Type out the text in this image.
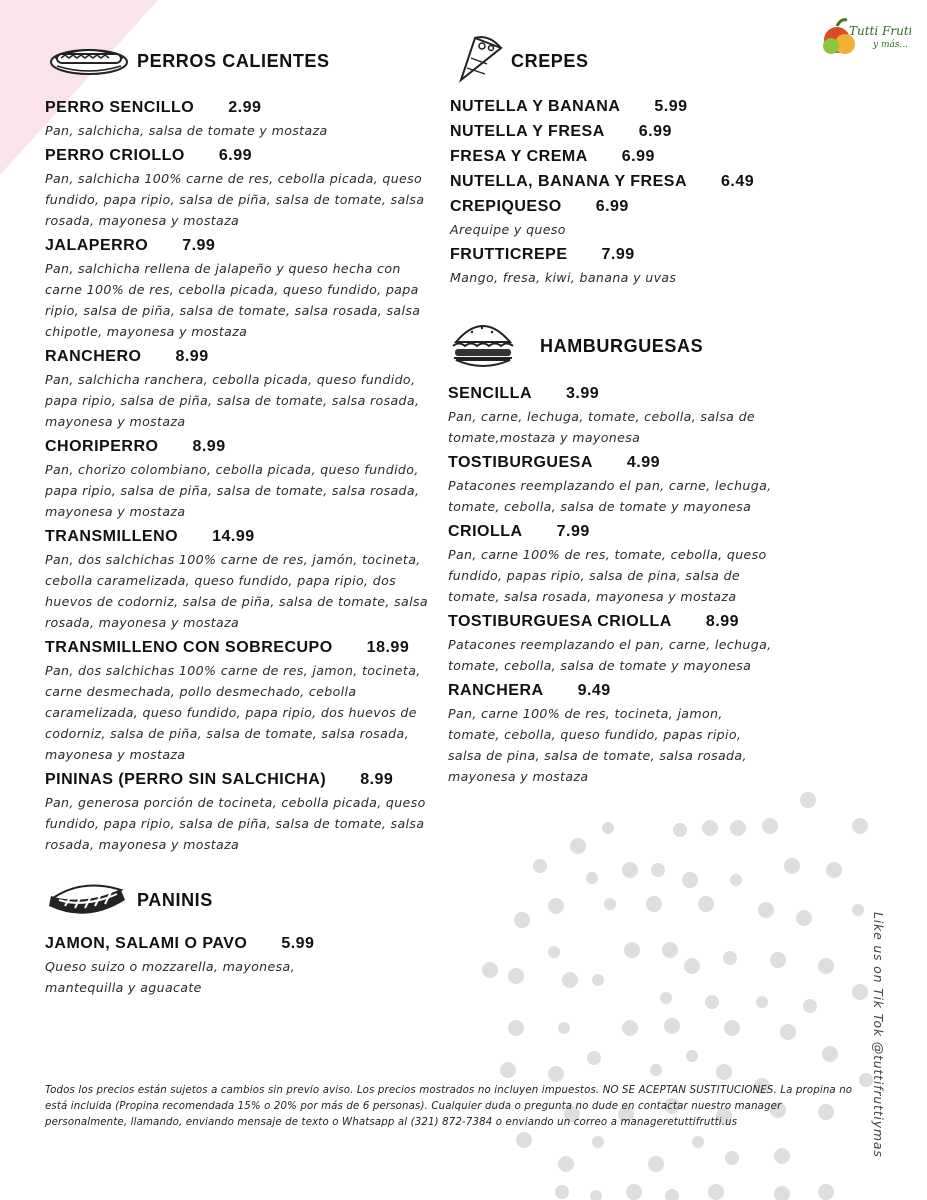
Tutti Frutti
y más...
PERROS CALIENTES
PERRO SENCILLO 2.99
Pan, salchicha, salsa de tomate y mostaza
PERRO CRIOLLO 6.99
Pan, salchicha 100% carne de res, cebolla picada, queso fundido, papa ripio, salsa de piña, salsa de tomate, salsa rosada, mayonesa y mostaza
JALAPERRO 7.99
Pan, salchicha rellena de jalapeño y queso hecha con carne 100% de res, cebolla picada, queso fundido, papa ripio, salsa de piña, salsa de tomate, salsa rosada, salsa chipotle, mayonesa y mostaza
RANCHERO 8.99
Pan, salchicha ranchera, cebolla picada, queso fundido, papa ripio, salsa de piña, salsa de tomate, salsa rosada, mayonesa y mostaza
CHORIPERRO 8.99
Pan, chorizo colombiano, cebolla picada, queso fundido, papa ripio, salsa de piña, salsa de tomate, salsa rosada, mayonesa y mostaza
TRANSMILLENO 14.99
Pan, dos salchichas 100% carne de res, jamón, tocineta, cebolla caramelizada, queso fundido, papa ripio, dos huevos de codorniz, salsa de piña, salsa de tomate, salsa rosada, mayonesa y mostaza
TRANSMILLENO CON SOBRECUPO 18.99
Pan, dos salchichas 100% carne de res, jamon, tocineta, carne desmechada, pollo desmechado, cebolla caramelizada, queso fundido, papa ripio, dos huevos de codorniz, salsa de piña, salsa de tomate, salsa rosada, mayonesa y mostaza
PININAS (PERRO SIN SALCHICHA) 8.99
Pan, generosa porción de tocineta, cebolla picada, queso fundido, papa ripio, salsa de piña, salsa de tomate, salsa rosada, mayonesa y mostaza
PANINIS
JAMON, SALAMI O PAVO 5.99
Queso suizo o mozzarella, mayonesa, mantequilla y aguacate
CREPES
NUTELLA Y BANANA 5.99
NUTELLA Y FRESA 6.99
FRESA Y CREMA 6.99
NUTELLA, BANANA Y FRESA 6.49
CREPIQUESO 6.99
Arequipe y queso
FRUTTICREPE 7.99
Mango, fresa, kiwi, banana y uvas
HAMBURGUESAS
SENCILLA 3.99
Pan, carne, lechuga, tomate, cebolla, salsa de tomate,mostaza y mayonesa
TOSTIBURGUESA 4.99
Patacones reemplazando el pan, carne, lechuga, tomate, cebolla, salsa de tomate y mayonesa
CRIOLLA 7.99
Pan, carne 100% de res, tomate, cebolla, queso fundido, papas ripio, salsa de pina, salsa de tomate, salsa rosada, mayonesa y mostaza
TOSTIBURGUESA CRIOLLA 8.99
Patacones reemplazando el pan, carne, lechuga, tomate, cebolla, salsa de tomate y mayonesa
RANCHERA 9.49
Pan, carne 100% de res, tocineta, jamon, tomate, cebolla, queso fundido, papas ripio, salsa de pina, salsa de tomate, salsa rosada, mayonesa y mostaza
Like us on Tik Tok @tuttifruttiymas
Todos los precios están sujetos a cambios sin previo aviso. Los precios mostrados no incluyen impuestos. NO SE ACEPTAN SUSTITUCIONES. La propina no está incluida (Propina recomendada 15% o 20% por más de 6 personas). Cualquier duda o pregunta no dude en contactar nuestro manager personalmente, llamando, enviando mensaje de texto o Whatsapp al (321) 872-7384 o enviando un correo a manageretuttifrutti.us
